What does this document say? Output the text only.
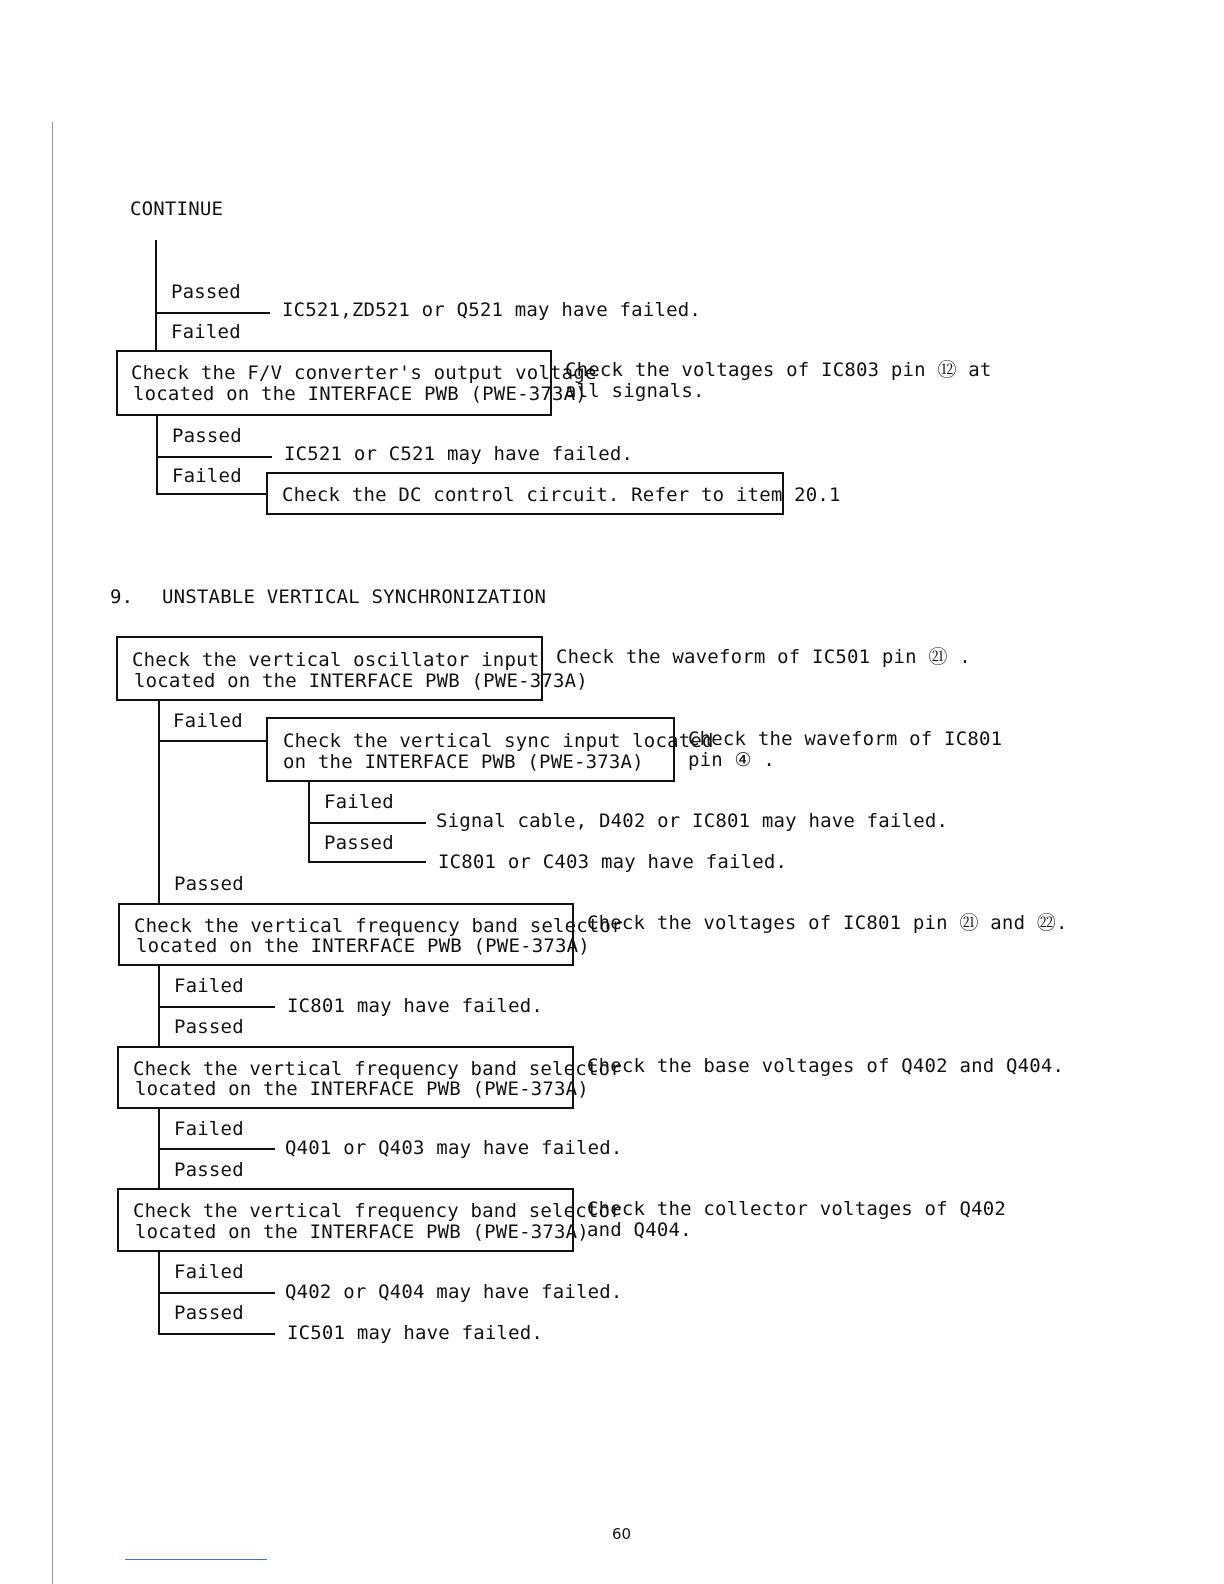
CONTINUE
Passed
IC521,ZD521 or Q521 may have failed.
Failed
Check the F/V converter's output voltage
located on the INTERFACE PWB (PWE-373A)
Check the voltages of IC803 pin ⑫ at
all signals.
Passed
IC521 or C521 may have failed.
Failed
Check the DC control circuit. Refer to item 20.1
9. UNSTABLE VERTICAL SYNCHRONIZATION
Check the vertical oscillator input
located on the INTERFACE PWB (PWE-373A)
Check the waveform of IC501 pin ㉑ .
Failed
Check the vertical sync input located
on the INTERFACE PWB (PWE-373A)
Check the waveform of IC801
pin ④ .
Failed
Signal cable, D402 or IC801 may have failed.
Passed
IC801 or C403 may have failed.
Passed
Check the vertical frequency band selector
located on the INTERFACE PWB (PWE-373A)
Check the voltages of IC801 pin ㉑ and ㉒.
Failed
IC801 may have failed.
Passed
Check the vertical frequency band selector
located on the INTERFACE PWB (PWE-373A)
Check the base voltages of Q402 and Q404.
Failed
Q401 or Q403 may have failed.
Passed
Check the vertical frequency band selector
located on the INTERFACE PWB (PWE-373A)
Check the collector voltages of Q402
and Q404.
Failed
Q402 or Q404 may have failed.
Passed
IC501 may have failed.
60
